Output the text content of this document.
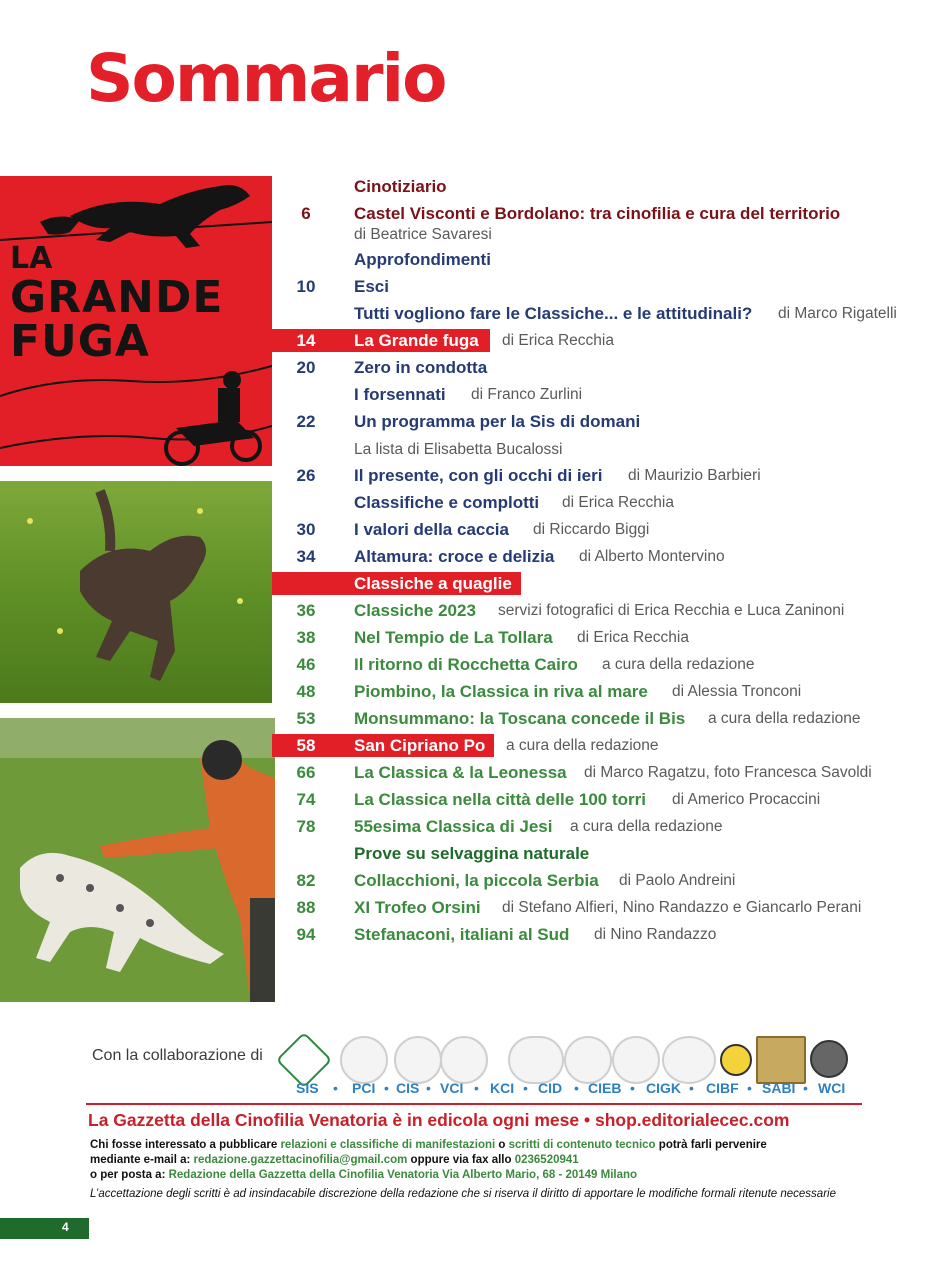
Sommario
LA
GRANDE
FUGA
Cinotiziario
6	Castel Visconti e Bordolano: tra cinofilia e cura del territorio
di Beatrice Savaresi
Approfondimenti
10	Esci
Tutti vogliono fare le Classiche... e le attitudinali? di Marco Rigatelli
14	La Grande fuga di Erica Recchia
20	Zero in condotta
I forsennati di Franco Zurlini
22	Un programma per la Sis di domani
La lista di Elisabetta Bucalossi
26	Il presente, con gli occhi di ieri di Maurizio Barbieri
Classifiche e complotti di Erica Recchia
30	I valori della caccia di Riccardo Biggi
34	Altamura: croce e delizia di Alberto Montervino
Classiche a quaglie
36	Classiche 2023 servizi fotografici di Erica Recchia e Luca Zaninoni
38	Nel Tempio de La Tollara di Erica Recchia
46	Il ritorno di Rocchetta Cairo a cura della redazione
48	Piombino, la Classica in riva al mare di Alessia Tronconi
53	Monsummano: la Toscana concede il Bis a cura della redazione
58	San Cipriano Po a cura della redazione
66	La Classica & la Leonessa di Marco Ragatzu, foto Francesca Savoldi
74	La Classica nella città delle 100 torri di Americo Procaccini
78	55esima Classica di Jesi a cura della redazione
Prove su selvaggina naturale
82	Collacchioni, la piccola Serbia di Paolo Andreini
88	XI Trofeo Orsini di Stefano Alfieri, Nino Randazzo e Giancarlo Perani
94	Stefanaconi, italiani al Sud di Nino Randazzo
Con la collaborazione di
SIS • PCI • CIS • VCI • KCI • CID • CIEB • CIGK • CIBF • SABI • WCI
La Gazzetta della Cinofilia Venatoria è in edicola ogni mese • shop.editorialecec.com
Chi fosse interessato a pubblicare relazioni e classifiche di manifestazioni o scritti di contenuto tecnico potrà farli pervenire
mediante e-mail a: redazione.gazzettacinofilia@gmail.com oppure via fax allo 0236520941
o per posta a: Redazione della Gazzetta della Cinofilia Venatoria Via Alberto Mario, 68 - 20149 Milano
L’accettazione degli scritti è ad insindacabile discrezione della redazione che si riserva il diritto di apportare le modifiche formali ritenute necessarie
4
